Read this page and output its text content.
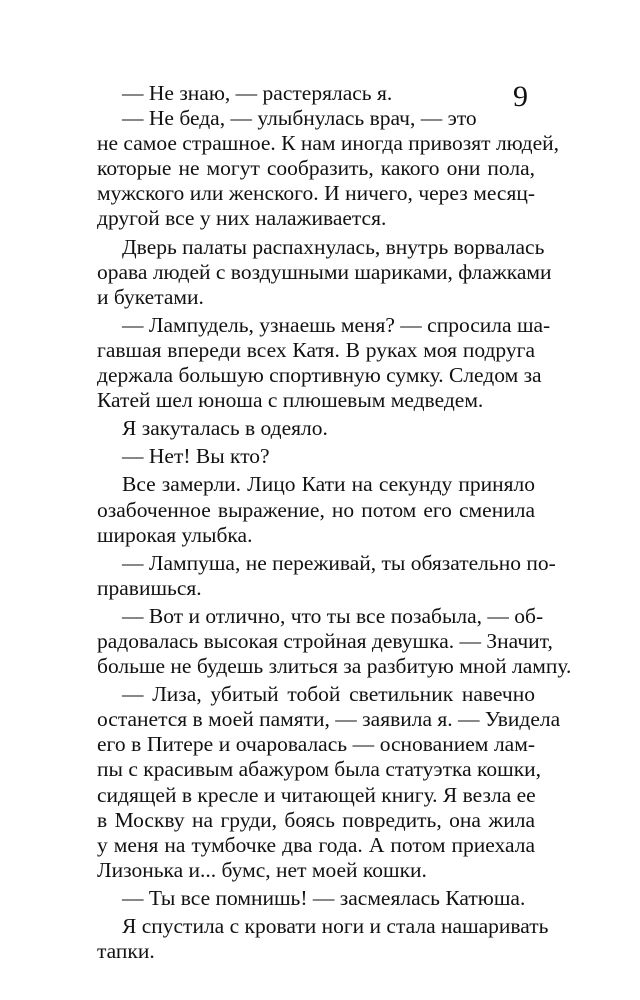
9
— Не знаю, — растерялась я.
— Не беда, — улыбнулась врач, — это
не самое страшное. К нам иногда привозят людей,
которые не могут сообразить, какого они пола,
мужского или женского. И ничего, через месяц-
другой все у них налаживается.
Дверь палаты распахнулась, внутрь ворвалась
орава людей с воздушными шариками, флажками
и букетами.
— Лампудель, узнаешь меня? — спросила ша-
гавшая впереди всех Катя. В руках моя подруга
держала большую спортивную сумку. Следом за
Катей шел юноша с плюшевым медведем.
Я закуталась в одеяло.
— Нет! Вы кто?
Все замерли. Лицо Кати на секунду приняло
озабоченное выражение, но потом его сменила
широкая улыбка.
— Лампуша, не переживай, ты обязательно по-
правишься.
— Вот и отлично, что ты все позабыла, — об-
радовалась высокая стройная девушка. — Значит,
больше не будешь злиться за разбитую мной лампу.
— Лиза, убитый тобой светильник навечно
останется в моей памяти, — заявила я. — Увидела
его в Питере и очаровалась — основанием лам-
пы с красивым абажуром была статуэтка кошки,
сидящей в кресле и читающей книгу. Я везла ее
в Москву на груди, боясь повредить, она жила
у меня на тумбочке два года. А потом приехала
Лизонька и... бумс, нет моей кошки.
— Ты все помнишь! — засмеялась Катюша.
Я спустила с кровати ноги и стала нашаривать
тапки.
